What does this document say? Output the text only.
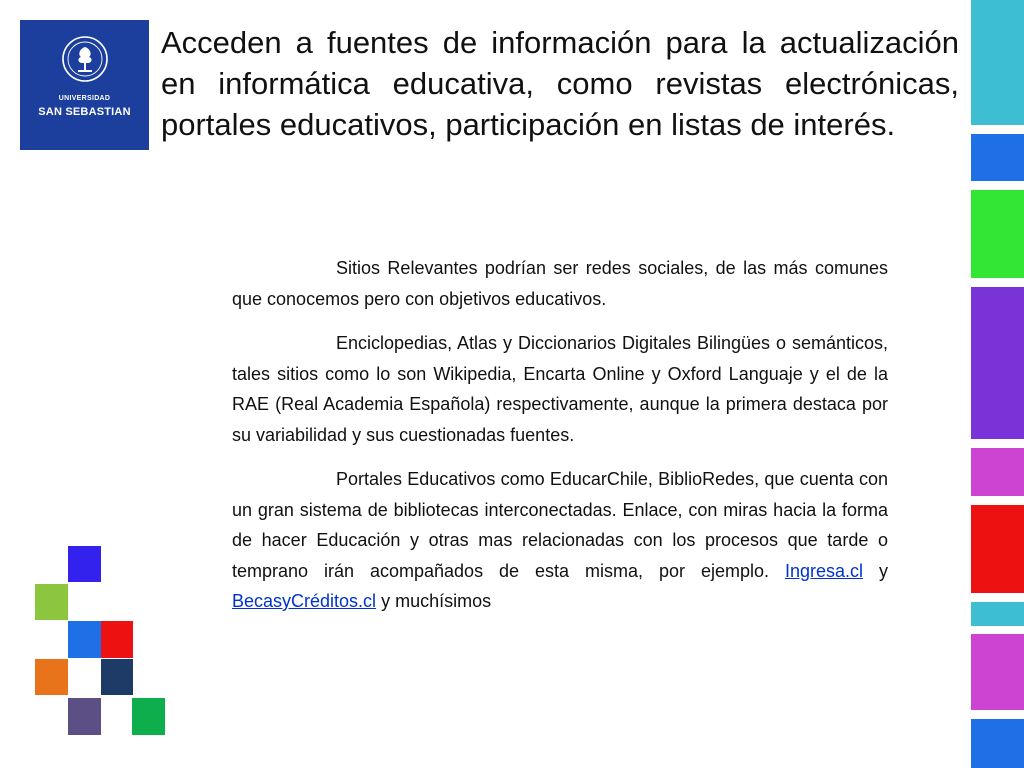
UNIVERSIDAD
SAN SEBASTIAN
Acceden a fuentes de información para la actualización en informática educativa, como revistas electrónicas, portales educativos, participación en listas de interés.

Sitios Relevantes podrían ser redes sociales, de las más comunes que conocemos pero con objetivos educativos.

Enciclopedias, Atlas y Diccionarios Digitales Bilingües o semánticos, tales sitios como lo son Wikipedia, Encarta Online y Oxford Languaje y el de la RAE (Real Academia Española) respectivamente, aunque la primera destaca por su variabilidad y sus cuestionadas fuentes.

Portales Educativos como EducarChile, BiblioRedes, que cuenta con un gran sistema de bibliotecas interconectadas. Enlace, con miras hacia la forma de hacer Educación y otras mas relacionadas con los procesos que tarde o temprano irán acompañados de esta misma, por ejemplo. Ingresa.cl y BecasyCréditos.cl y muchísimos
